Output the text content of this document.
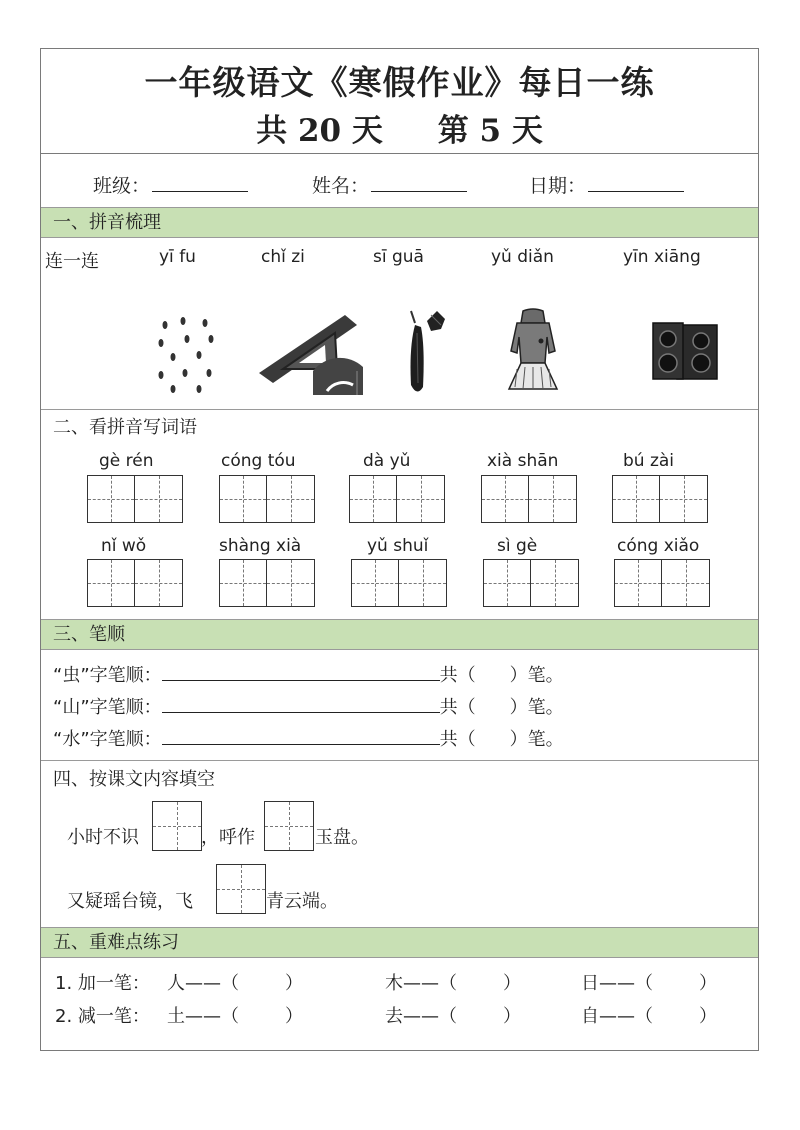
一年级语文《寒假作业》每日一练
共 20 天 第 5 天
班级：	姓名：	日期：
一、拼音梳理
连一连	yī fu	chǐ zi	sī guā	yǔ diǎn	yīn xiāng
二、看拼音写词语
gè rén	cóng tóu	dà yǔ	xià shān	bú zài
nǐ wǒ	shàng xià	yǔ shuǐ	sì gè	cóng xiǎo
三、笔顺
“虫”字笔顺：	共（ ）笔。
“山”字笔顺：	共（ ）笔。
“水”字笔顺：	共（ ）笔。
四、按课文内容填空
小时不识	，呼作	玉盘。
又疑瑶台镜，飞	青云端。
五、重难点练习
1. 加一笔： 人——（	）	木——（	）	日——（	）
2. 减一笔： 土——（	）	去——（	）	自——（	）
